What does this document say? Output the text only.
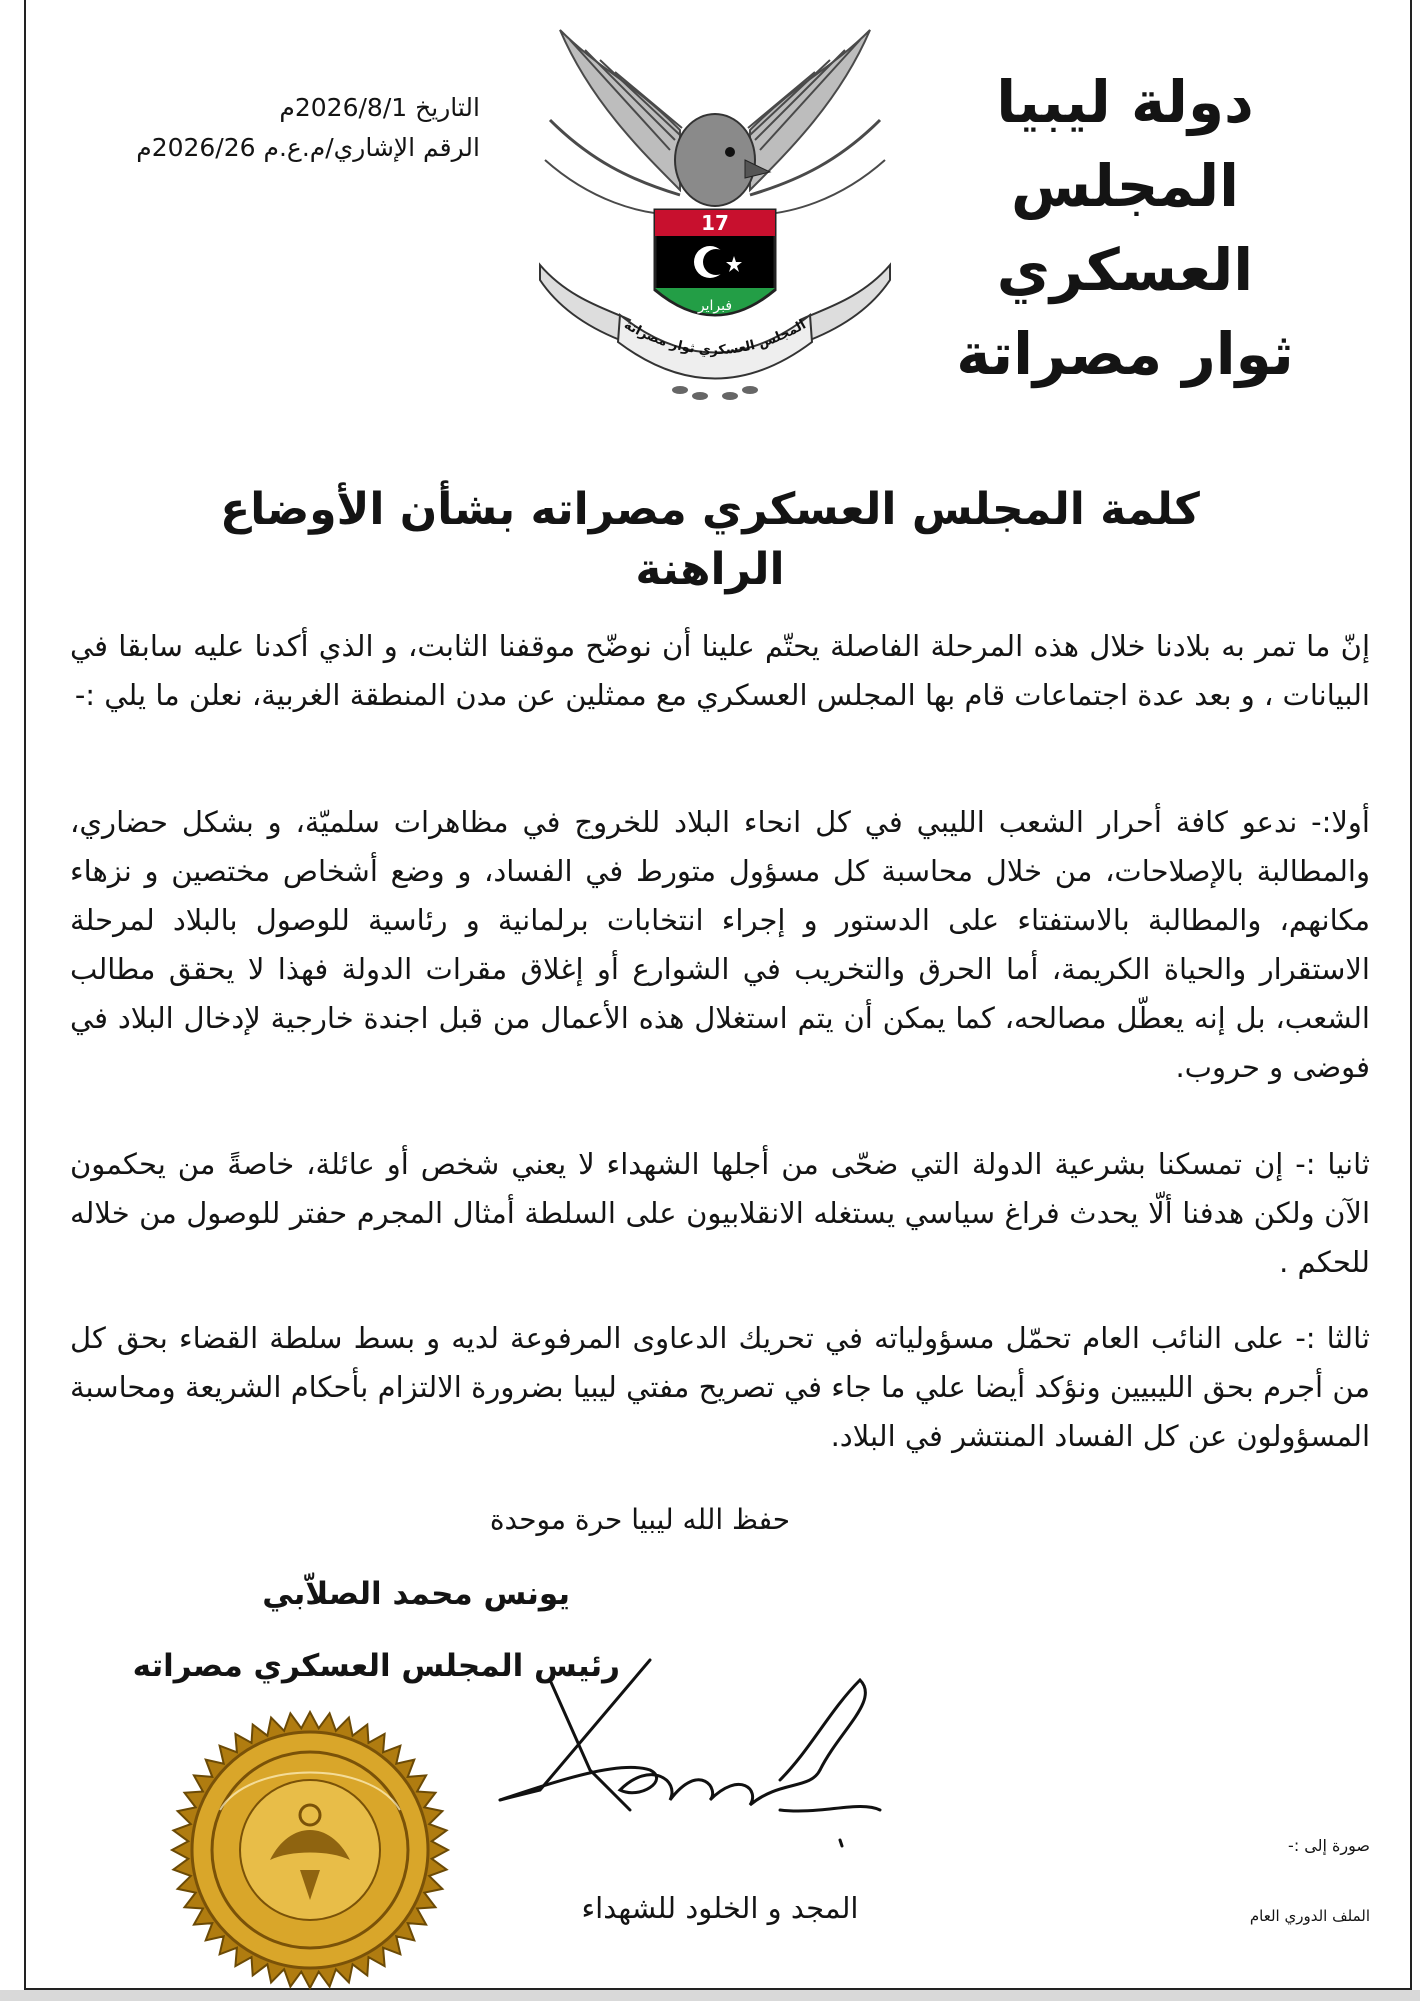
دولة ليبيا
المجلس العسكري
ثوار مصراتة
التاريخ 2026/8/1م
الرقم الإشاري/م.ع.م 2026/26م
17
فبراير
المجلس العسكري ثوار مصراتة
كلمة المجلس العسكري مصراته بشأن الأوضاع الراهنة
إنّ ما تمر به بلادنا خلال هذه المرحلة الفاصلة يحتّم علينا أن نوضّح موقفنا الثابت، و الذي أكدنا عليه سابقا في البيانات ، و بعد عدة اجتماعات قام بها المجلس العسكري مع ممثلين عن مدن المنطقة الغربية، نعلن ما يلي :-
أولا:- ندعو كافة أحرار الشعب الليبي في كل انحاء البلاد للخروج في مظاهرات سلميّة، و بشكل حضاري، والمطالبة بالإصلاحات، من خلال محاسبة كل مسؤول متورط في الفساد، و وضع أشخاص مختصين و نزهاء مكانهم، والمطالبة بالاستفتاء على الدستور و إجراء انتخابات برلمانية و رئاسية للوصول بالبلاد لمرحلة الاستقرار والحياة الكريمة، أما الحرق والتخريب في الشوارع أو إغلاق مقرات الدولة فهذا لا يحقق مطالب الشعب، بل إنه يعطّل مصالحه، كما يمكن أن يتم استغلال هذه الأعمال من قبل اجندة خارجية لإدخال البلاد في فوضى و حروب.
ثانيا :- إن تمسكنا بشرعية الدولة التي ضحّى من أجلها الشهداء لا يعني شخص أو عائلة، خاصةً من يحكمون الآن ولكن هدفنا ألّا يحدث فراغ سياسي يستغله الانقلابيون على السلطة أمثال المجرم حفتر للوصول من خلاله للحكم .
ثالثا :- على النائب العام تحمّل مسؤولياته في تحريك الدعاوى المرفوعة لديه و بسط سلطة القضاء بحق كل من أجرم بحق الليبيين ونؤكد أيضا علي ما جاء في تصريح مفتي ليبيا بضرورة الالتزام بأحكام الشريعة ومحاسبة المسؤولون عن كل الفساد المنتشر في البلاد.
حفظ الله ليبيا حرة موحدة
يونس محمد الصلاّبي
رئيس المجلس العسكري مصراته
المجد و الخلود للشهداء
صورة إلى :-
الملف الدوري العام
